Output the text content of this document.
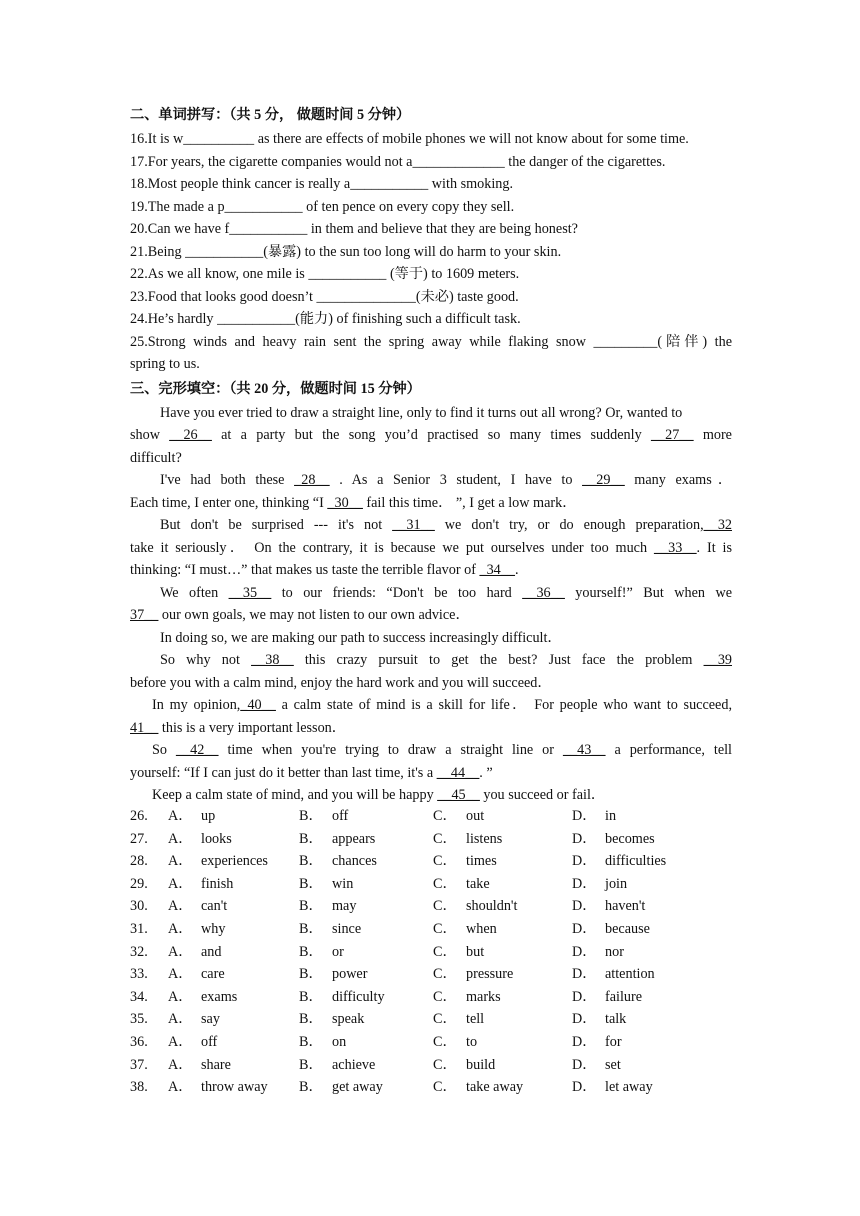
二、单词拼写：（共 5 分， 做题时间 5 分钟）
16.It is w__________ as there are effects of mobile phones we will not know about for some time.
17.For years, the cigarette companies would not a_____________ the danger of the cigarettes.
18.Most people think cancer is really a___________ with smoking.
19.The made a p___________ of ten pence on every copy they sell.
20.Can we have f___________ in them and believe that they are being honest?
21.Being ___________(暴露) to the sun too long will do harm to your skin.
22.As we all know, one mile is ___________ (等于) to 1609 meters.
23.Food that looks good doesn’t ______________(未必) taste good.
24.He’s hardly ___________(能力) of finishing such a difficult task.
25.Strong winds and heavy rain sent the spring away while flaking snow _________(陪伴) the
spring to us.
三、完形填空：（共 20 分，做题时间 15 分钟）
Have you ever tried to draw a straight line, only to find it turns out all wrong? Or, wanted to
show __26__ at a party but the song you’d practised so many times suddenly __27__ more
difficult?
I've had both these _28__ . As a Senior 3 student, I have to __29__ many exams．
Each time, I enter one, thinking “I _30__ fail this time． ”, I get a low mark．
But don't be surprised --- it's not __31__ we don't try, or do enough preparation,__32
take it seriously． On the contrary, it is because we put ourselves under too much __33__. It is
thinking: “I must…” that makes us taste the terrible flavor of _34__.
We often __35__ to our friends: “Don't be too hard __36__ yourself!” But when we
37__ our own goals, we may not listen to our own advice．
In doing so, we are making our path to success increasingly difficult．
So why not __38__ this crazy pursuit to get the best? Just face the problem __39
before you with a calm mind, enjoy the hard work and you will succeed．
In my opinion,_40__ a calm state of mind is a skill for life． For people who want to succeed,
41__ this is a very important lesson．
So __42__ time when you're trying to draw a straight line or __43__ a performance, tell
yourself: “If I can just do it better than last time, it's a __44__. ”
Keep a calm state of mind, and you will be happy __45__ you succeed or fail．
26. A． up	B． off	C． out	D． in
27. A． looks	B． appears	C． listens	D． becomes
28. A． experiences B． chances	C． times	D． difficulties
29. A． finish	B． win	C． take	D． join
30. A． can't	B． may	C． shouldn't	D． haven't
31. A． why	B． since	C． when	D． because
32. A． and	B． or	C． but	D． nor
33. A． care	B． power	C． pressure	D． attention
34. A． exams	B． difficulty	C． marks	D． failure
35. A． say	B． speak	C． tell	D． talk
36. A． off	B． on	C． to	D． for
37. A． share	B． achieve	C． build	D． set
38. A． throw away B． get away	C． take away	D． let away
